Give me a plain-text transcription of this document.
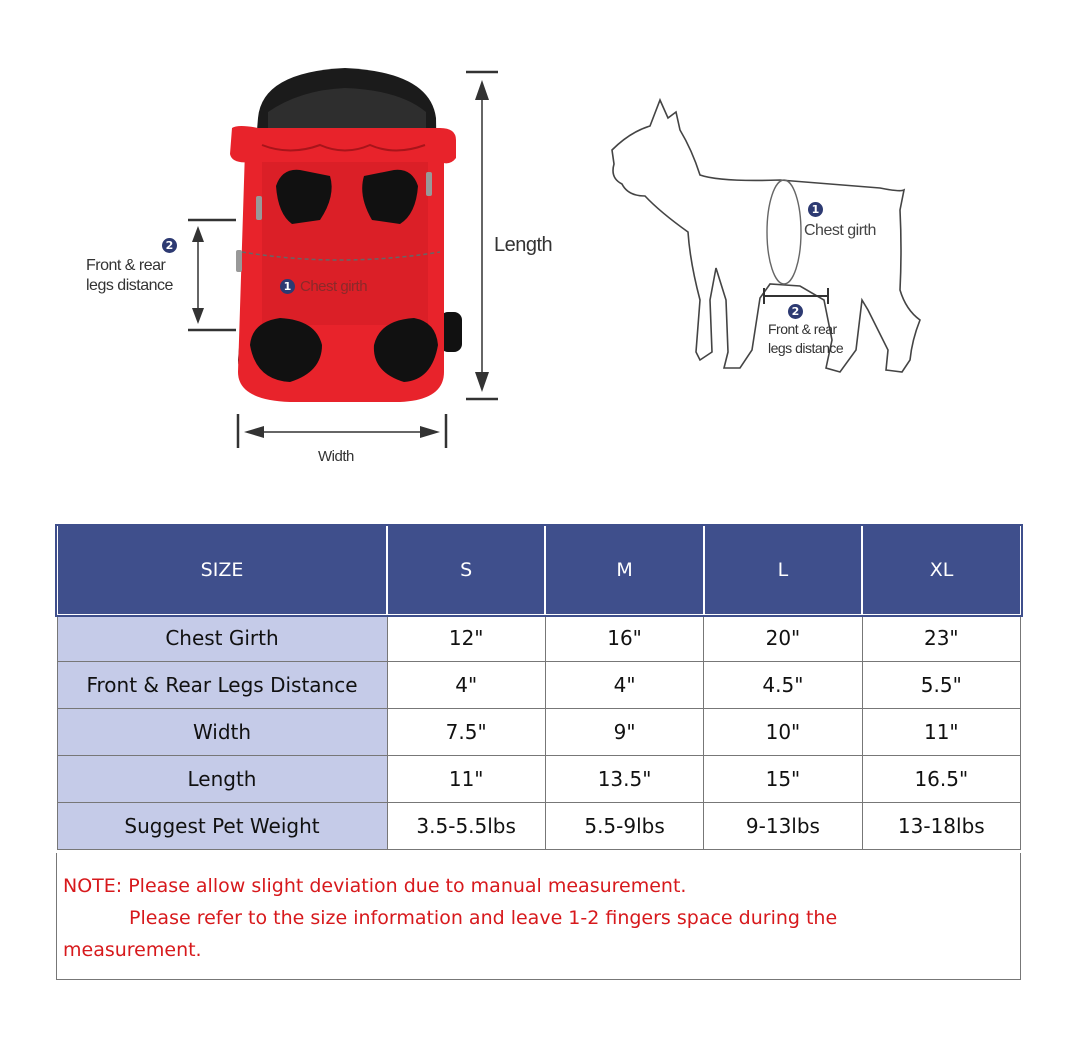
Length
Width
2
Front & rear
legs distance	1 Chest girth
1
Chest girth
2
Front & rear
legs distance
SIZE	S	M	L	XL
Chest Girth	12"	16"	20"	23"
Front & Rear Legs Distance	4"	4"	4.5"	5.5"
Width	7.5"	9"	10"	11"
Length	11"	13.5"	15"	16.5"
Suggest Pet Weight	3.5-5.5lbs	5.5-9lbs	9-13lbs	13-18lbs
NOTE: Please allow slight deviation due to manual measurement.
Please refer to the size information and leave 1-2 fingers space during the
measurement.
